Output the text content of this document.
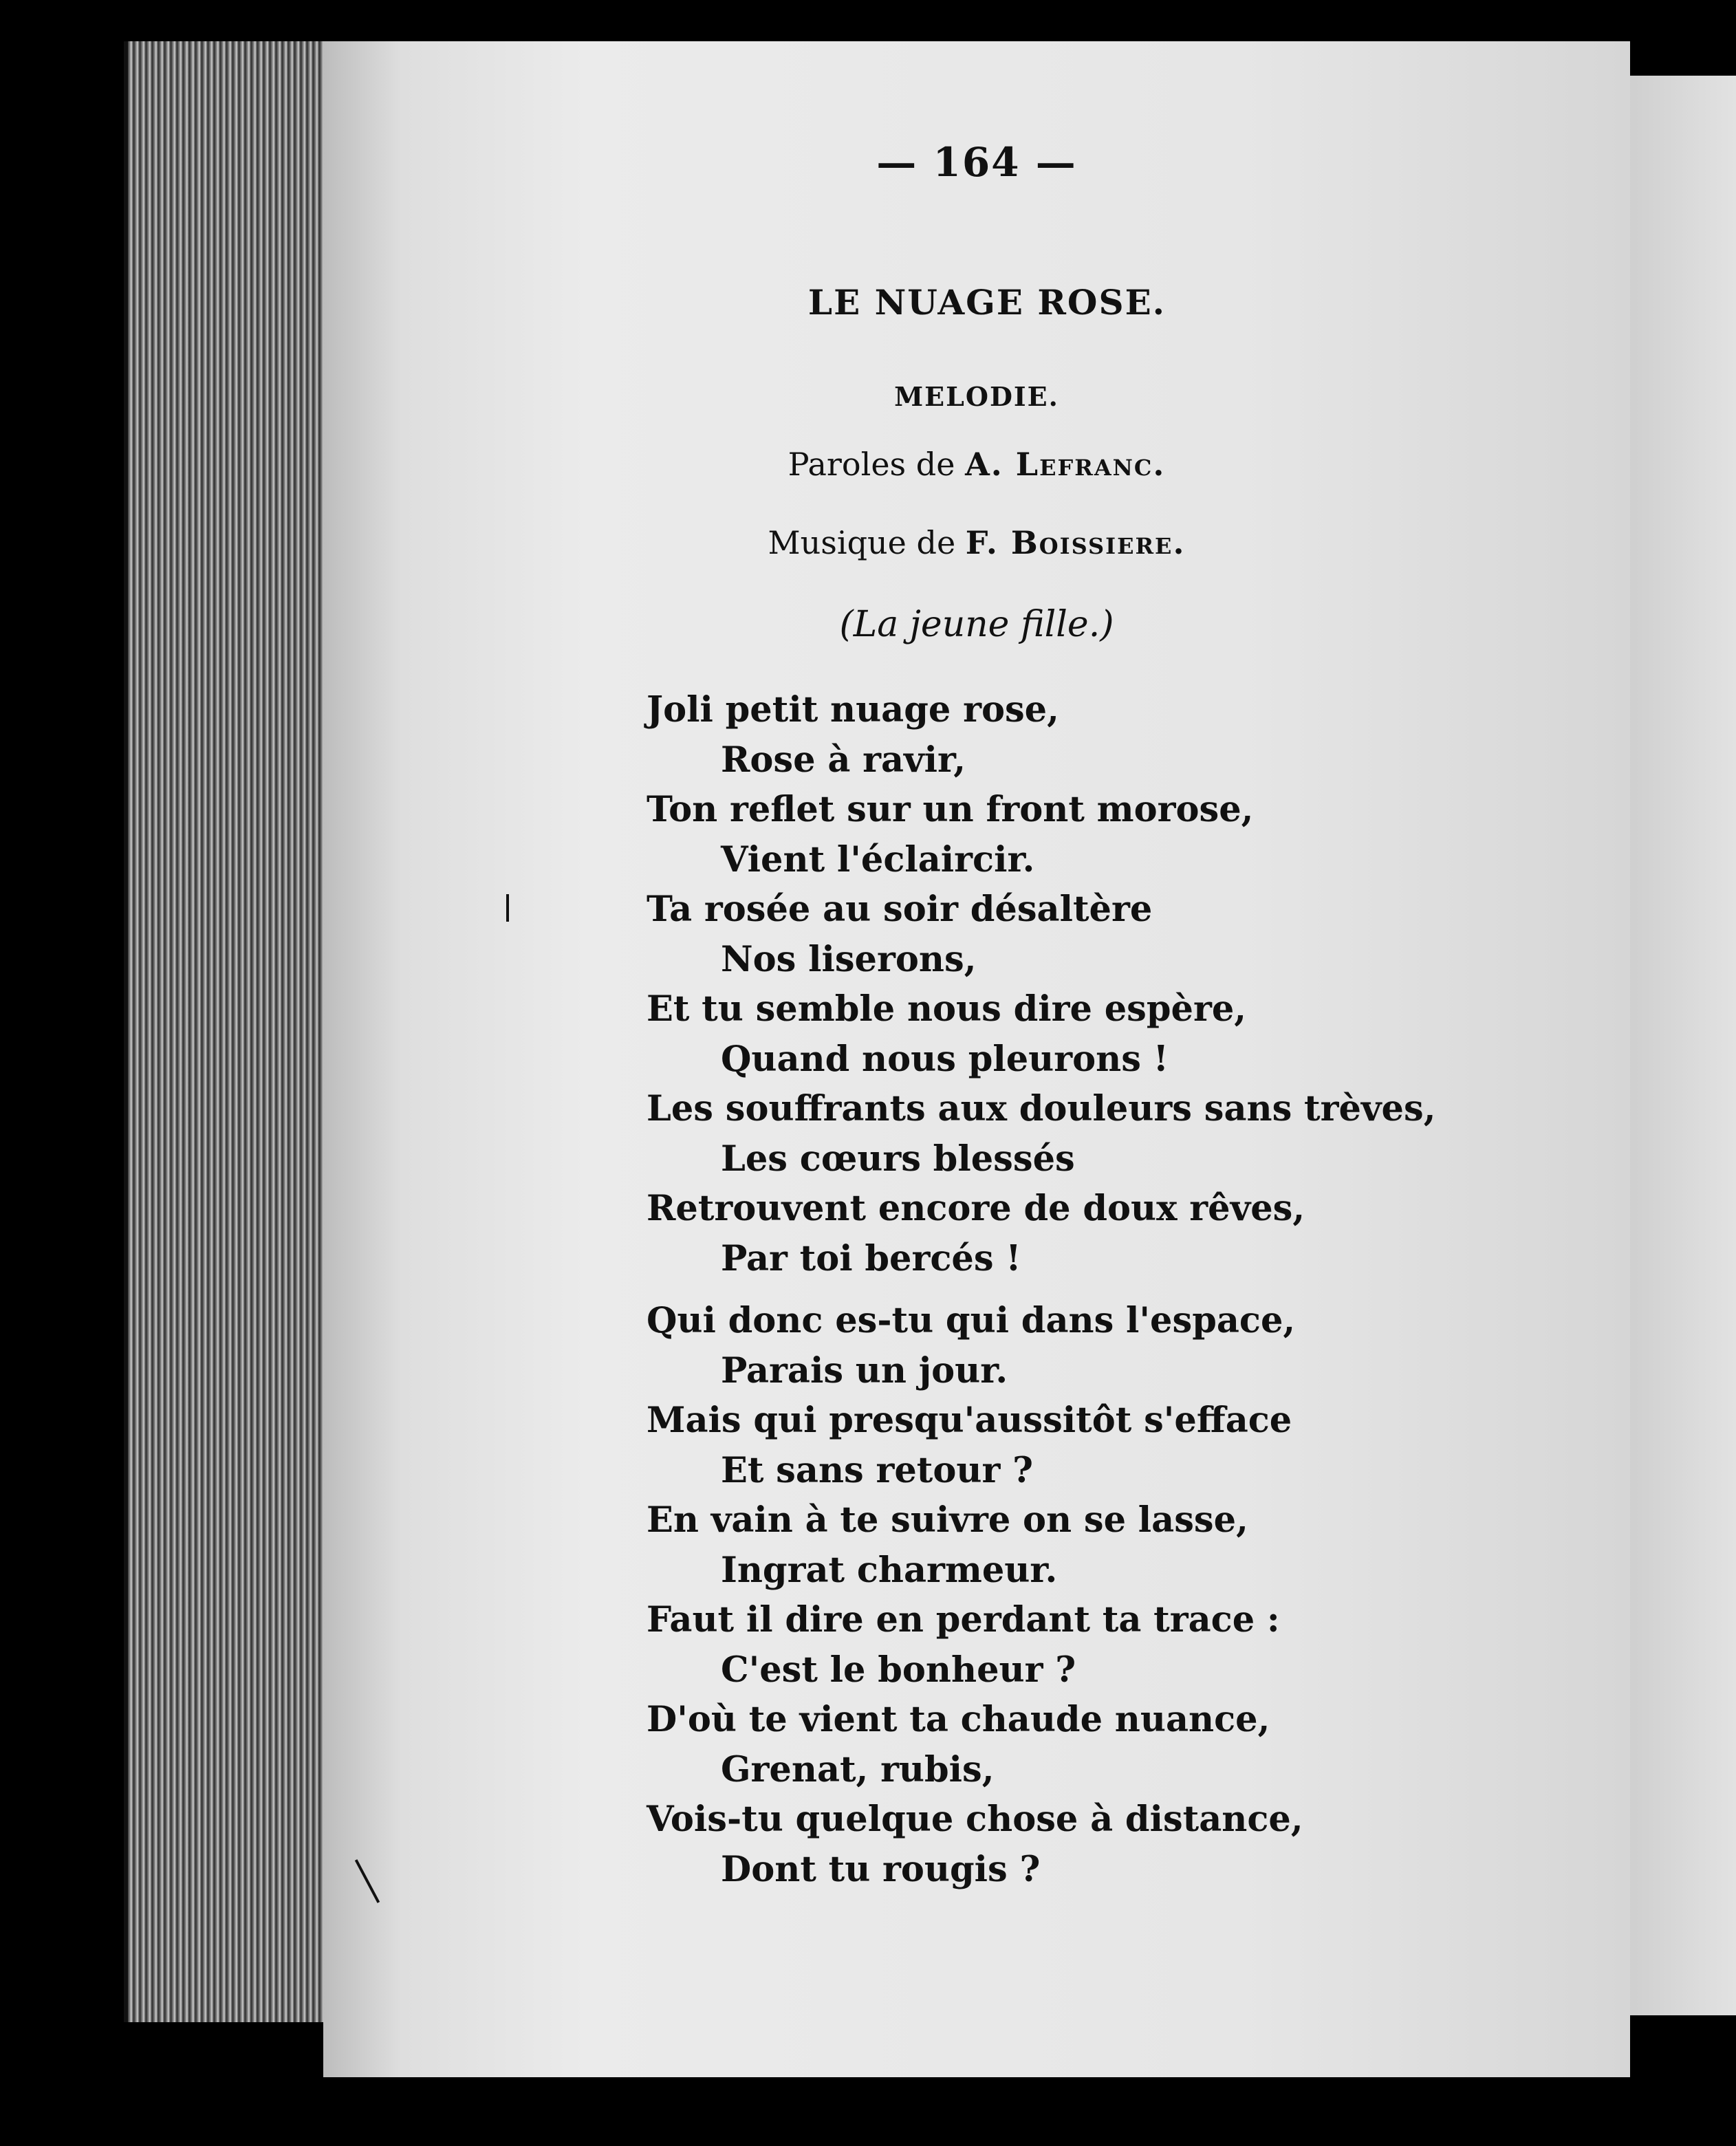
— 164 —
LE NUAGE ROSE.
MELODIE.
Paroles de A. Lefranc.
Musique de F. Boissiere.
(La jeune fille.)
Joli petit nuage rose,
Rose à ravir,
Ton reflet sur un front morose,
Vient l'éclaircir.
Ta rosée au soir désaltère
Nos liserons,
Et tu semble nous dire espère,
Quand nous pleurons !
Les souffrants aux douleurs sans trèves,
Les cœurs blessés
Retrouvent encore de doux rêves,
Par toi bercés !
Qui donc es-tu qui dans l'espace,
Parais un jour.
Mais qui presqu'aussitôt s'efface
Et sans retour ?
En vain à te suivre on se lasse,
Ingrat charmeur.
Faut il dire en perdant ta trace :
C'est le bonheur ?
D'où te vient ta chaude nuance,
Grenat, rubis,
Vois-tu quelque chose à distance,
Dont tu rougis ?
